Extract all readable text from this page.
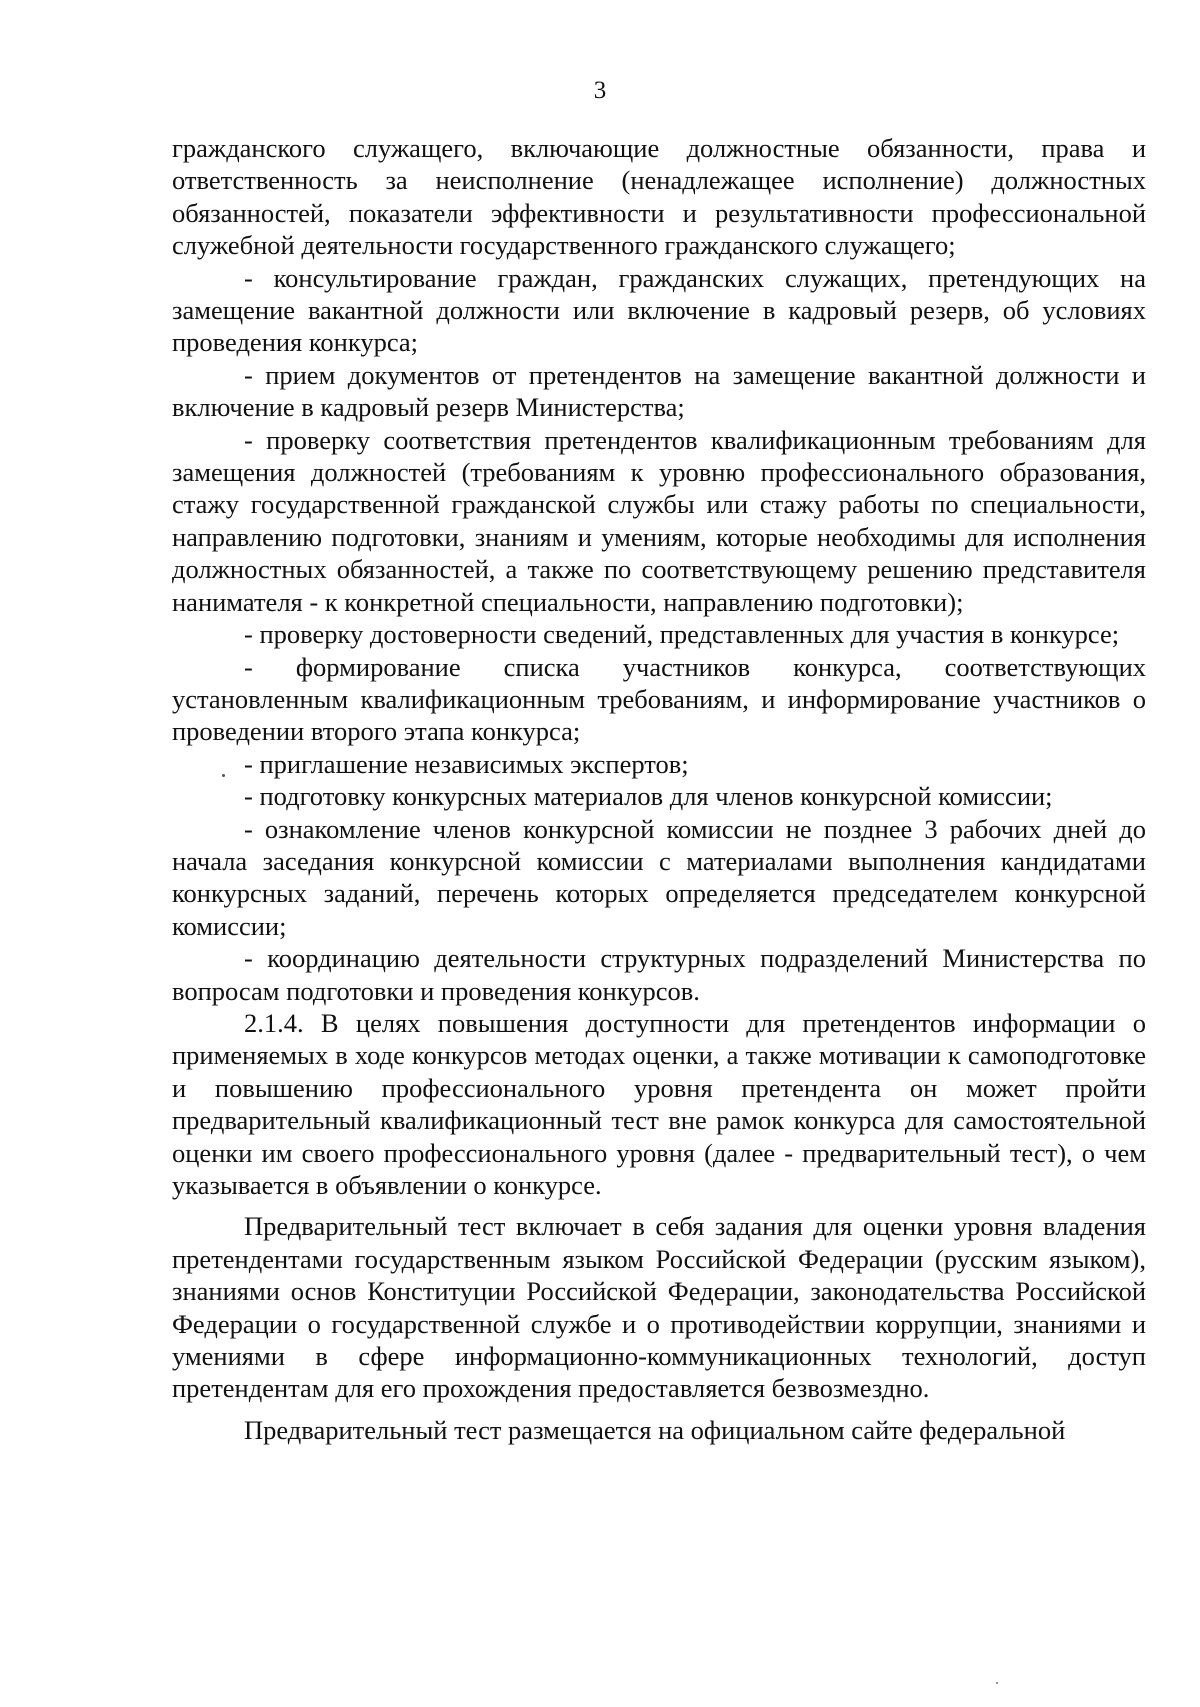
3

гражданского служащего, включающие должностные обязанности, права и ответственность за неисполнение (ненадлежащее исполнение) должностных обязанностей, показатели эффективности и результативности профессиональной служебной деятельности государственного гражданского служащего;

- консультирование граждан, гражданских служащих, претендующих на замещение вакантной должности или включение в кадровый резерв, об условиях проведения конкурса;

- прием документов от претендентов на замещение вакантной должности и включение в кадровый резерв Министерства;

- проверку соответствия претендентов квалификационным требованиям для замещения должностей (требованиям к уровню профессионального образования, стажу государственной гражданской службы или стажу работы по специальности, направлению подготовки, знаниям и умениям, которые необходимы для исполнения должностных обязанностей, а также по соответствующему решению представителя нанимателя - к конкретной специальности, направлению подготовки);

- проверку достоверности сведений, представленных для участия в конкурсе;

- формирование списка участников конкурса, соответствующих установленным квалификационным требованиям, и информирование участников о проведении второго этапа конкурса;

- приглашение независимых экспертов;

- подготовку конкурсных материалов для членов конкурсной комиссии;

- ознакомление членов конкурсной комиссии не позднее 3 рабочих дней до начала заседания конкурсной комиссии с материалами выполнения кандидатами конкурсных заданий, перечень которых определяется председателем конкурсной комиссии;

- координацию деятельности структурных подразделений Министерства по вопросам подготовки и проведения конкурсов.

2.1.4. В целях повышения доступности для претендентов информации о применяемых в ходе конкурсов методах оценки, а также мотивации к самоподготовке и повышению профессионального уровня претендента он может пройти предварительный квалификационный тест вне рамок конкурса для самостоятельной оценки им своего профессионального уровня (далее - предварительный тест), о чем указывается в объявлении о конкурсе.

Предварительный тест включает в себя задания для оценки уровня владения претендентами государственным языком Российской Федерации (русским языком), знаниями основ Конституции Российской Федерации, законодательства Российской Федерации о государственной службе и о противодействии коррупции, знаниями и умениями в сфере информационно-коммуникационных технологий, доступ претендентам для его прохождения предоставляется безвозмездно.

Предварительный тест размещается на официальном сайте федеральной
